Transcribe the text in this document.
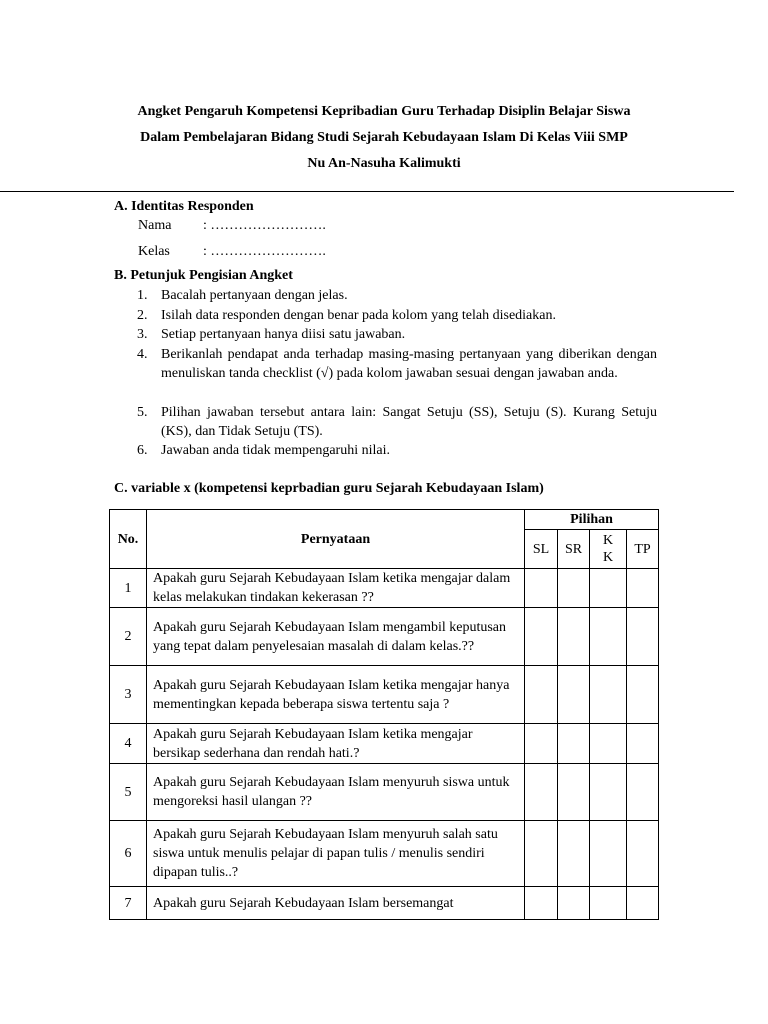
Angket Pengaruh Kompetensi Kepribadian Guru Terhadap Disiplin Belajar Siswa
Dalam Pembelajaran Bidang Studi Sejarah Kebudayaan Islam Di Kelas Viii SMP
Nu An-Nasuha Kalimukti
A. Identitas Responden
Nama : …………………….
Kelas : …………………….
B. Petunjuk Pengisian Angket
1. Bacalah pertanyaan dengan jelas.
2. Isilah data responden dengan benar pada kolom yang telah disediakan.
3. Setiap pertanyaan hanya diisi satu jawaban.
4. Berikanlah pendapat anda terhadap masing-masing pertanyaan yang diberikan dengan menuliskan tanda checklist (√) pada kolom jawaban sesuai dengan jawaban anda.
5. Pilihan jawaban tersebut antara lain: Sangat Setuju (SS), Setuju (S). Kurang Setuju (KS), dan Tidak Setuju (TS).
6. Jawaban anda tidak mempengaruhi nilai.
C. variable x (kompetensi keprbadian guru Sejarah Kebudayaan Islam)
No.	Pernyataan	Pilihan			
		SL	SR	K K	TP
1	Apakah guru Sejarah Kebudayaan Islam ketika mengajar dalam kelas melakukan tindakan kekerasan ??				
2	Apakah guru Sejarah Kebudayaan Islam mengambil keputusan yang tepat dalam penyelesaian masalah di dalam kelas.??				
3	Apakah guru Sejarah Kebudayaan Islam ketika mengajar hanya mementingkan kepada beberapa siswa tertentu saja ?				
4	Apakah guru Sejarah Kebudayaan Islam ketika mengajar bersikap sederhana dan rendah hati.?				
5	Apakah guru Sejarah Kebudayaan Islam menyuruh siswa untuk mengoreksi hasil ulangan ??				
6	Apakah guru Sejarah Kebudayaan Islam menyuruh salah satu siswa untuk menulis pelajar di papan tulis / menulis sendiri dipapan tulis..?				
7	Apakah guru Sejarah Kebudayaan Islam bersemangat				
